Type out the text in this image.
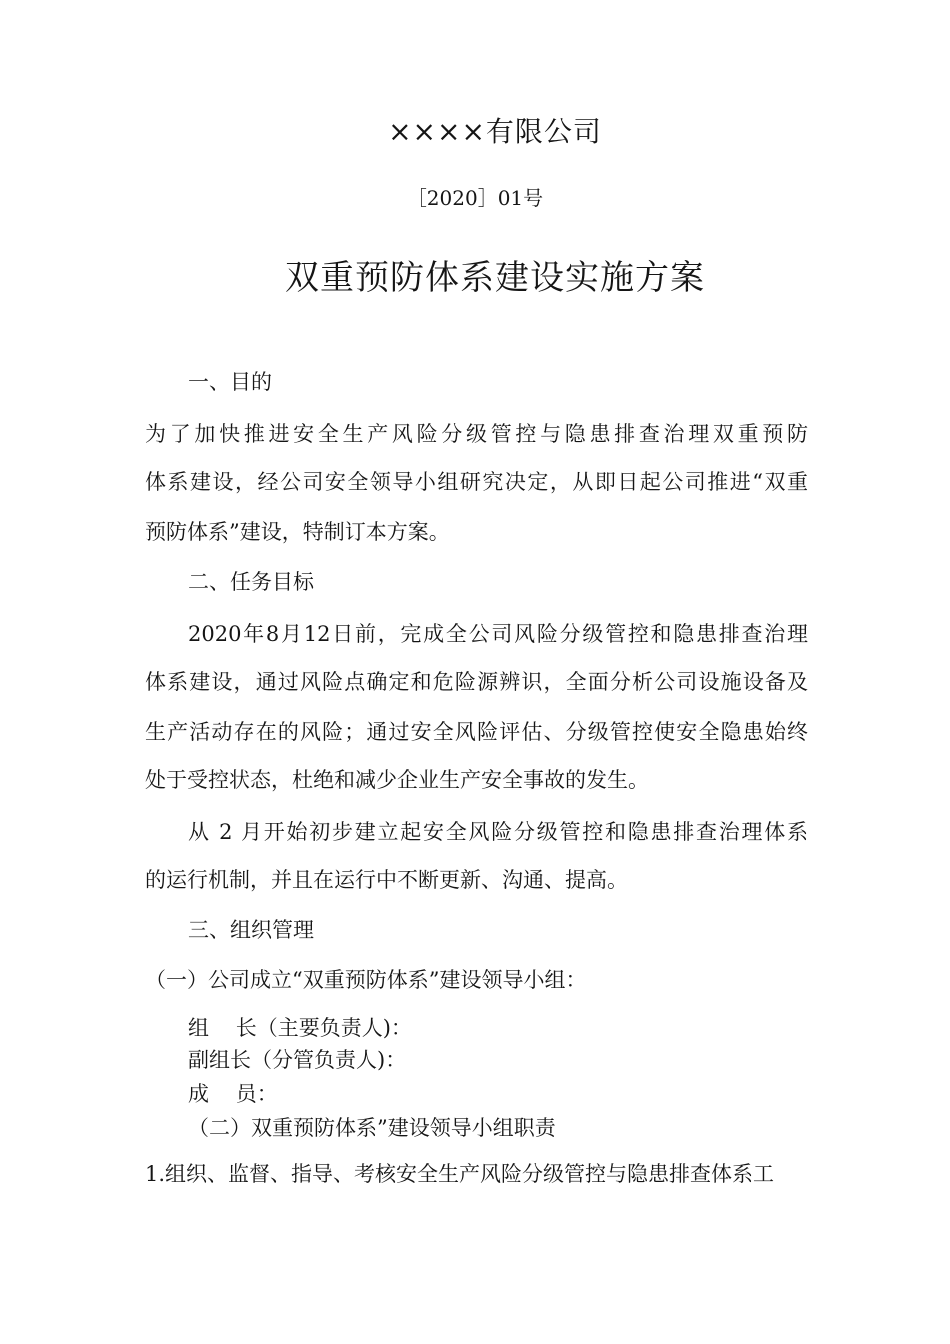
××××有限公司
［2020］01号
双重预防体系建设实施方案
一、目的
为了加快推进安全生产风险分级管控与隐患排查治理双重预防
体系建设，经公司安全领导小组研究决定，从即日起公司推进“双重
预防体系”建设，特制订本方案。
二、任务目标
2020年8月12日前，完成全公司风险分级管控和隐患排查治理
体系建设，通过风险点确定和危险源辨识，全面分析公司设施设备及
生产活动存在的风险；通过安全风险评估、分级管控使安全隐患始终
处于受控状态，杜绝和减少企业生产安全事故的发生。
从 2 月开始初步建立起安全风险分级管控和隐患排查治理体系
的运行机制，并且在运行中不断更新、沟通、提高。
三、组织管理
（一）公司成立“双重预防体系”建设领导小组：
组    长（主要负责人)：
副组长（分管负责人)：
成    员：
（二）双重预防体系”建设领导小组职责
1.组织、监督、指导、考核安全生产风险分级管控与隐患排查体系工
